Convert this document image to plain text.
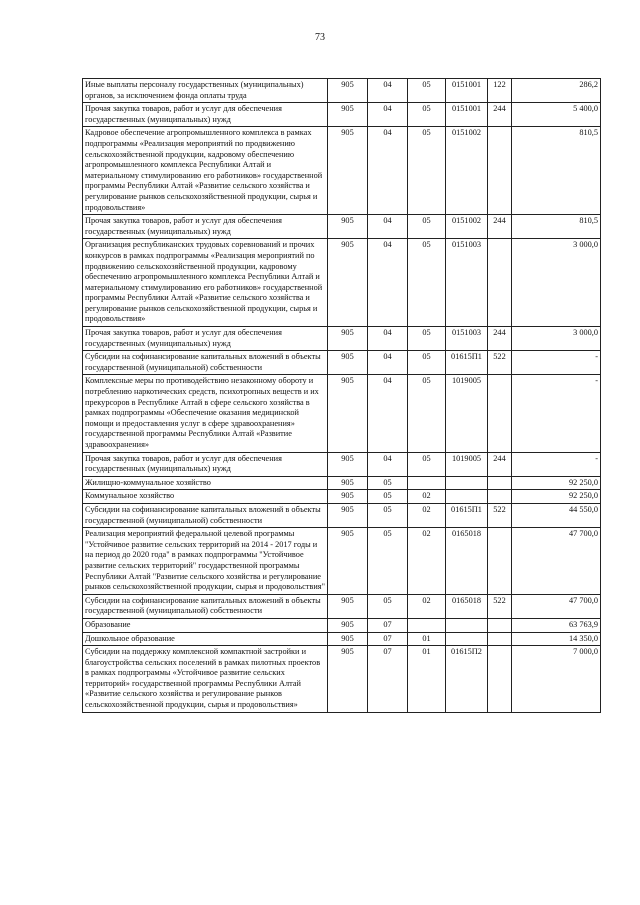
73
Иные выплаты персоналу государственных (муниципальных) органов, за исключением фонда оплаты труда	905	04	05	0151001	122	286,2
Прочая закупка товаров, работ и услуг для обеспечения государственных (муниципальных) нужд	905	04	05	0151001	244	5 400,0
Кадровое обеспечение агропромышленного комплекса в рамках подпрограммы «Реализация мероприятий по продвижению сельскохозяйственной продукции, кадровому обеспечению агропромышленного комплекса Республики Алтай и материальному стимулированию его работников» государственной программы Республики Алтай «Развитие сельского хозяйства и регулирование рынков сельскохозяйственной продукции, сырья и продовольствия»	905	04	05	0151002		810,5
Прочая закупка товаров, работ и услуг для обеспечения государственных (муниципальных) нужд	905	04	05	0151002	244	810,5
Организация республиканских трудовых соревнований и прочих конкурсов в рамках подпрограммы «Реализация мероприятий по продвижению сельскохозяйственной продукции, кадровому обеспечению агропромышленного комплекса Республики Алтай и материальному стимулированию его работников» государственной программы Республики Алтай «Развитие сельского хозяйства и регулирование рынков сельскохозяйственной продукции, сырья и продовольствия»	905	04	05	0151003		3 000,0
Прочая закупка товаров, работ и услуг для обеспечения государственных (муниципальных) нужд	905	04	05	0151003	244	3 000,0
Субсидии на софинансирование капитальных вложений в объекты государственной (муниципальной) собственности	905	04	05	01615П1	522	-
Комплексные меры по противодействию незаконному обороту и потреблению наркотических средств, психотропных веществ и их прекурсоров в Республике Алтай в сфере сельского хозяйства в рамках подпрограммы «Обеспечение оказания медицинской помощи и предоставления услуг в сфере здравоохранения» государственной программы Республики Алтай «Развитие здравоохранения»	905	04	05	1019005		-
Прочая закупка товаров, работ и услуг для обеспечения государственных (муниципальных) нужд	905	04	05	1019005	244	-
Жилищно-коммунальное хозяйство	905	05				92 250,0
Коммунальное хозяйство	905	05	02			92 250,0
Субсидии на софинансирование капитальных вложений в объекты государственной (муниципальной) собственности	905	05	02	01615П1	522	44 550,0
Реализация мероприятий федеральной целевой программы "Устойчивое развитие сельских территорий на 2014 - 2017 годы и на период до 2020 года" в рамках подпрограммы "Устойчивое развитие сельских территорий" государственной программы Республики Алтай "Развитие сельского хозяйства и регулирование рынков сельскохозяйственной продукции, сырья и продовольствия"	905	05	02	0165018		47 700,0
Субсидии на софинансирование капитальных вложений в объекты государственной (муниципальной) собственности	905	05	02	0165018	522	47 700,0
Образование	905	07				63 763,9
Дошкольное образование	905	07	01			14 350,0
Субсидии на поддержку комплексной компактной застройки и благоустройства сельских поселений в рамках пилотных проектов в рамках подпрограммы «Устойчивое развитие сельских территорий» государственной программы Республики Алтай «Развитие сельского хозяйства и регулирование рынков сельскохозяйственной продукции, сырья и продовольствия»	905	07	01	01615П2		7 000,0
